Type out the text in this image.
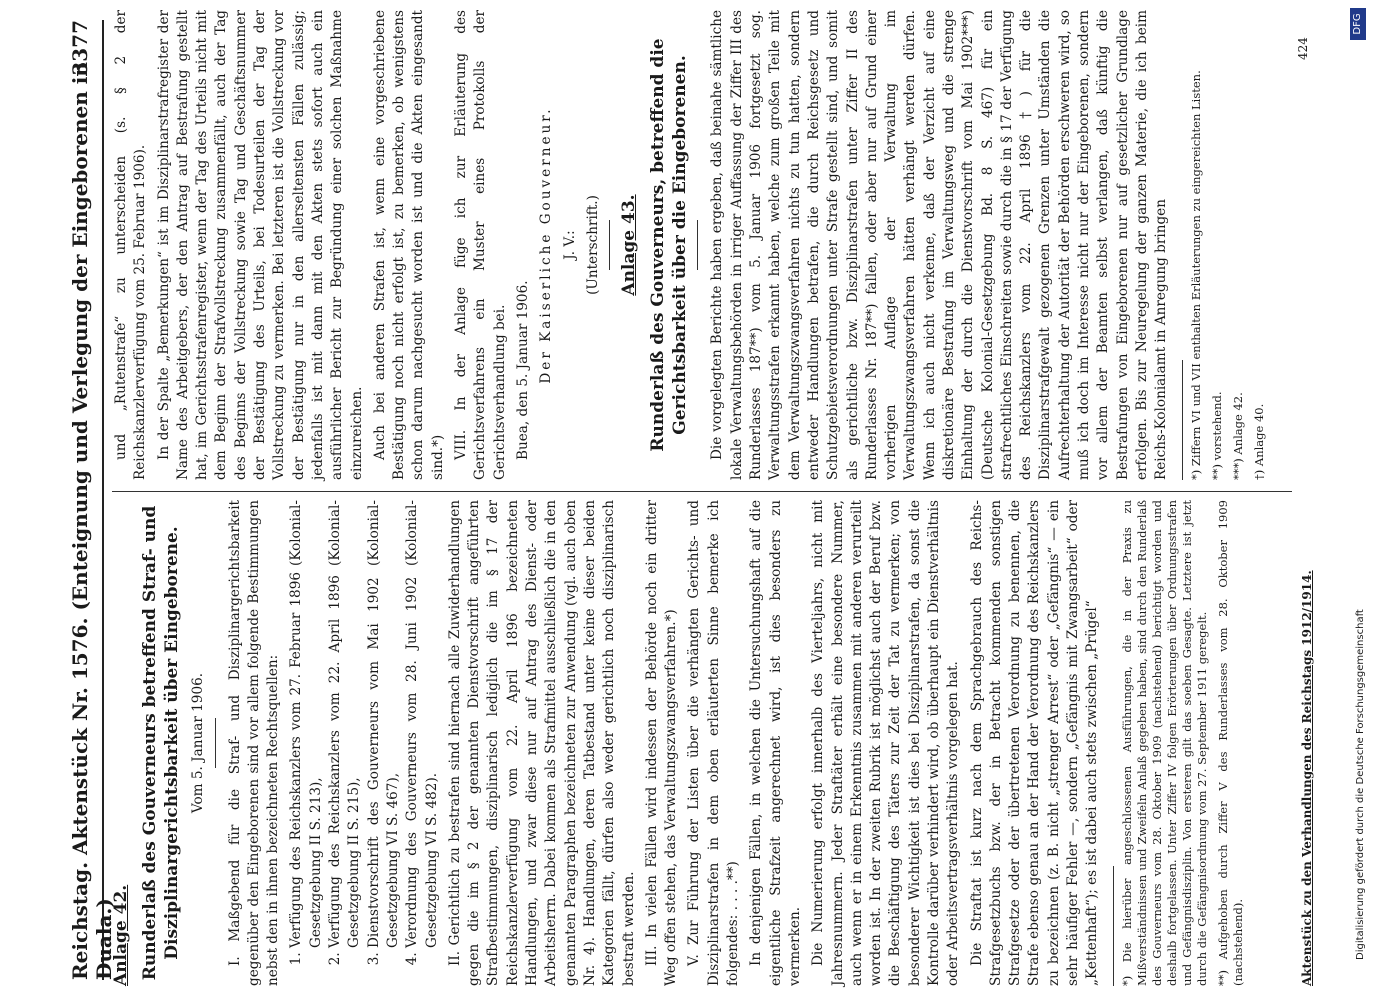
Reichstag. Aktenstück Nr. 1576. (Enteignung und Verlegung der Eingeborenen in Duala.)
3377
Anlage 42. Runderlaß des Gouverneurs betreffend Straf- und Disziplinargerichtsbarkeit über Eingeborene. Vom 5. Januar 1906. I. Maßgebend für die Straf- und Disziplinargerichtsbarkeit gegenüber den Eingeborenen sind vor allem folgende Bestimmungen nebst den in ihnen bezeichneten Rechtsquellen: 1. Verfügung des Reichskanzlers vom 27. Februar 1896 (Kolonial-Gesetzgebung II S. 213), 2. Verfügung des Reichskanzlers vom 22. April 1896 (Kolonial-Gesetzgebung II S. 215), 3. Dienstvorschrift des Gouverneurs vom Mai 1902 (Kolonial-Gesetzgebung VI S. 467), 4. Verordnung des Gouverneurs vom 28. Juni 1902 (Kolonial-Gesetzgebung VI S. 482). II. Gerichtlich zu bestrafen sind hiernach alle Zuwiderhandlungen gegen die im § 2 der genannten Dienstvorschrift angeführten Strafbestimmungen, disziplinarisch lediglich die im § 17 der Reichskanzlerverfügung vom 22. April 1896 bezeichneten Handlungen, und zwar diese nur auf Antrag des Dienst- oder Arbeitsherrn. Dabei kommen als Strafmittel ausschließlich die in den genannten Paragraphen bezeichneten zur Anwendung (vgl. auch oben Nr. 4). Handlungen, deren Tatbestand unter keine dieser beiden Kategorien fällt, dürfen also weder gerichtlich noch disziplinarisch bestraft werden. III. In vielen Fällen wird indessen der Behörde noch ein dritter Weg offen stehen, das Verwaltungszwangsverfahren.*) V. Zur Führung der Listen über die verhängten Gerichts- und Disziplinarstrafen in dem oben erläuterten Sinne bemerke ich folgendes: . . . .**) In denjenigen Fällen, in welchen die Untersuchungshaft auf die eigentliche Strafzeit angerechnet wird, ist dies besonders zu vermerken. Die Numerierung erfolgt innerhalb des Vierteljahrs, nicht mit Jahresnummern. Jeder Straftäter erhält eine besondere Nummer, auch wenn er in einem Erkenntnis zusammen mit anderen verurteilt worden ist. In der zweiten Rubrik ist möglichst auch der Beruf bzw. die Beschäftigung des Täters zur Zeit der Tat zu vermerken; von besonderer Wichtigkeit ist dies bei Disziplinarstrafen, da sonst die Kontrolle darüber verhindert wird, ob überhaupt ein Dienstverhältnis oder Arbeitsvertragsverhältnis vorgelegen hat. Die Straftat ist kurz nach dem Sprachgebrauch des Reichs-Strafgesetzbuchs bzw. der in Betracht kommenden sonstigen Strafgesetze oder der übertretenen Verordnung zu benennen, die Strafe ebenso genau an der Hand der Verordnung des Reichskanzlers zu bezeichnen (z. B. nicht „strenger Arrest“ oder „Gefängnis“ — ein sehr häufiger Fehler —, sondern „Gefängnis mit Zwangsarbeit“ oder „Kettenhaft“); es ist dabei auch stets zwischen „Prügel“ *) Die hierüber angeschlossenen Ausführungen, die in der Praxis zu Mißverständnissen und Zweifeln Anlaß gegeben haben, sind durch den Runderlaß des Gouverneurs vom 28. Oktober 1909 (nachstehend) berichtigt worden und deshalb fortgelassen. Unter Ziffer IV folgen Erörterungen über Ordnungsstrafen und Gefängnisdisziplin. Von ersteren gilt das soeben Gesagte. Letztere ist jetzt durch die Gefängnisordnung vom 27. September 1911 geregelt. **) Aufgehoben durch Ziffer V des Runderlasses vom 28. Oktober 1909 (nachstehend).

und „Rutenstrafe“ zu unterscheiden (s. § 2 der Reichskanzlerverfügung vom 25. Februar 1906). In der Spalte „Bemerkungen“ ist im Disziplinarstrafregister der Name des Arbeitgebers, der den Antrag auf Bestrafung gestellt hat, im Gerichtsstrafenregister, wenn der Tag des Urteils nicht mit dem Beginn der Strafvollstreckung zusammenfällt, auch der Tag des Beginns der Vollstreckung sowie Tag und Geschäftsnummer der Bestätigung des Urteils, bei Todesurteilen der Tag der Vollstreckung zu vermerken. Bei letzteren ist die Vollstreckung vor der Bestätigung nur in den allerseltensten Fällen zulässig; jedenfalls ist mit dann mit den Akten stets sofort auch ein ausführlicher Bericht zur Begründung einer solchen Maßnahme einzureichen. Auch bei anderen Strafen ist, wenn eine vorgeschriebene Bestätigung noch nicht erfolgt ist, zu bemerken, ob wenigstens schon darum nachgesucht worden ist und die Akten eingesandt sind.*) VIII. In der Anlage füge ich zur Erläuterung des Gerichtsverfahrens ein Muster eines Protokolls der Gerichtsverhandlung bei. Buea, den 5. Januar 1906. Der Kaiserliche Gouverneur. J. V.: (Unterschrift.) Anlage 43. Runderlaß des Gouverneurs, betreffend die Gerichtsbarkeit über die Eingeborenen. Die vorgelegten Berichte haben ergeben, daß beinahe sämtliche lokale Verwaltungsbehörden in irriger Auffassung der Ziffer III des Runderlasses 187**) vom 5. Januar 1906 fortgesetzt sog. Verwaltungsstrafen erkannt haben, welche zum großen Teile mit dem Verwaltungszwangsverfahren nichts zu tun hatten, sondern entweder Handlungen betrafen, die durch Reichsgesetz und Schutzgebietsverordnungen unter Strafe gestellt sind, und somit als gerichtliche bzw. Disziplinarstrafen unter Ziffer II des Runderlasses Nr. 187**) fallen, oder aber nur auf Grund einer vorherigen Auflage der Verwaltung im Verwaltungszwangsverfahren hätten verhängt werden dürfen. Wenn ich auch nicht verkenne, daß der Verzicht auf eine diskretionäre Bestrafung im Verwaltungsweg und die strenge Einhaltung der durch die Dienstvorschrift vom Mai 1902***) (Deutsche Kolonial-Gesetzgebung Bd. 8 S. 467) für ein strafrechtliches Einschreiten sowie durch die in § 17 der Verfügung des Reichskanzlers vom 22. April 1896†) für die Disziplinarstrafgewalt gezogenen Grenzen unter Umständen die Aufrechterhaltung der Autorität der Behörden erschweren wird, so muß ich doch im Interesse nicht nur der Eingeborenen, sondern vor allem der Beamten selbst verlangen, daß künftig die Bestrafungen von Eingeborenen nur auf gesetzlicher Grundlage erfolgen. Bis zur Neuregelung der ganzen Materie, die ich beim Reichs-Kolonialamt in Anregung bringen *) Ziffern VI und VII enthalten Erläuterungen zu eingereichten Listen. **) vorstehend. ***) Anlage 42. †) Anlage 40.
Aktenstück zu den Verhandlungen des Reichstags 1912/1914.
424
Digitalisierung gefördert durch die Deutsche Forschungsgemeinschaft
DFG
